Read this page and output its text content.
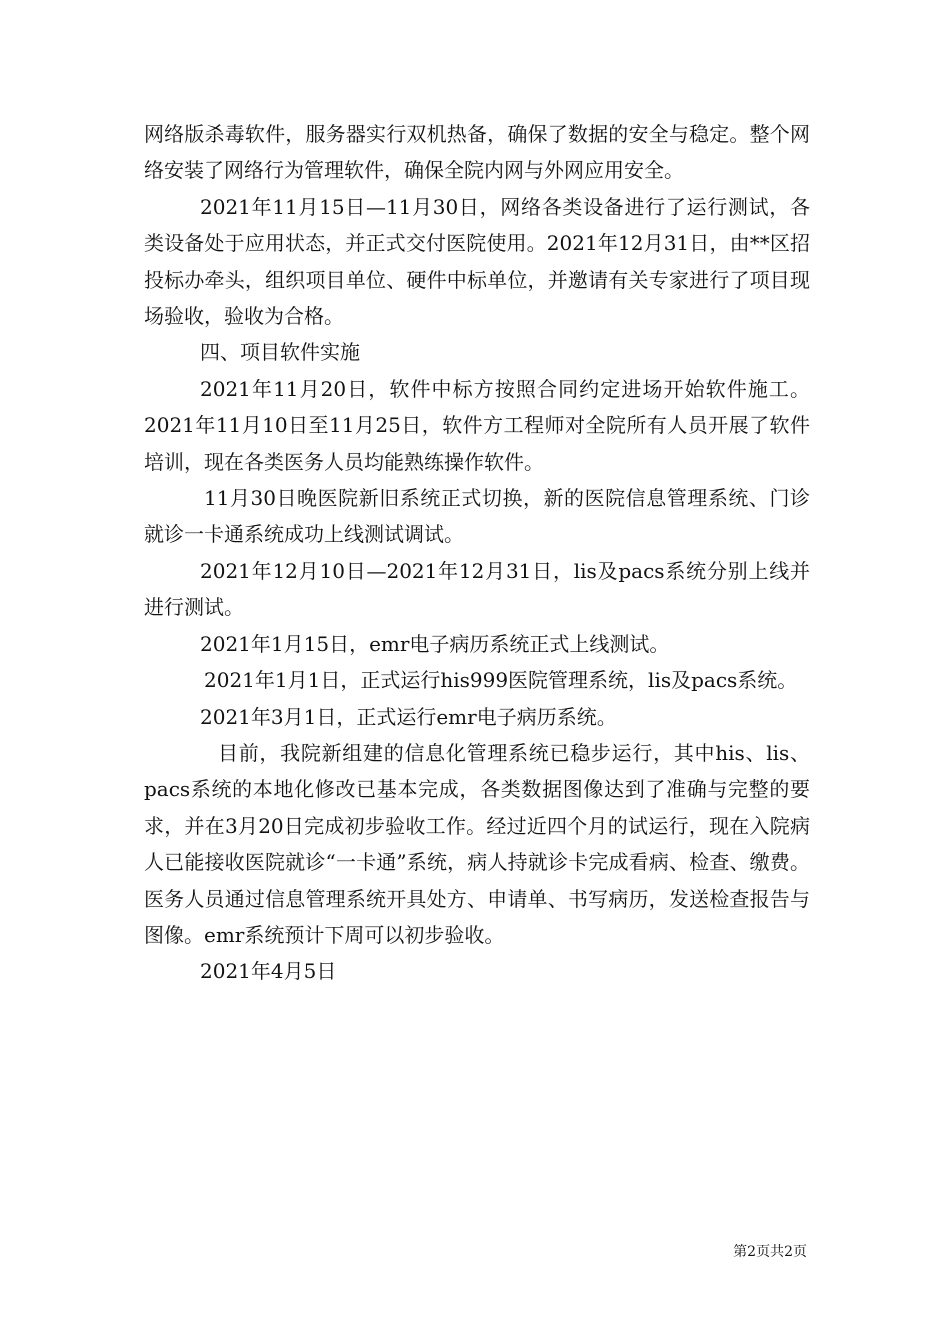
网络版杀毒软件，服务器实行双机热备，确保了数据的安全与稳定。整个网络安装了网络行为管理软件，确保全院内网与外网应用安全。

2021年11月15日—11月30日，网络各类设备进行了运行测试，各类设备处于应用状态，并正式交付医院使用。2021年12月31日，由**区招投标办牵头，组织项目单位、硬件中标单位，并邀请有关专家进行了项目现场验收，验收为合格。

四、项目软件实施

2021年11月20日，软件中标方按照合同约定进场开始软件施工。2021年11月10日至11月25日，软件方工程师对全院所有人员开展了软件培训，现在各类医务人员均能熟练操作软件。

11月30日晚医院新旧系统正式切换，新的医院信息管理系统、门诊就诊一卡通系统成功上线测试调试。

2021年12月10日—2021年12月31日，lis及pacs系统分别上线并进行测试。

2021年1月15日，emr电子病历系统正式上线测试。

2021年1月1日，正式运行his999医院管理系统，lis及pacs系统。

2021年3月1日，正式运行emr电子病历系统。

目前，我院新组建的信息化管理系统已稳步运行，其中his、lis、pacs系统的本地化修改已基本完成，各类数据图像达到了准确与完整的要求，并在3月20日完成初步验收工作。经过近四个月的试运行，现在入院病人已能接收医院就诊“一卡通”系统，病人持就诊卡完成看病、检查、缴费。医务人员通过信息管理系统开具处方、申请单、书写病历，发送检查报告与图像。emr系统预计下周可以初步验收。

2021年4月5日

第2页共2页
